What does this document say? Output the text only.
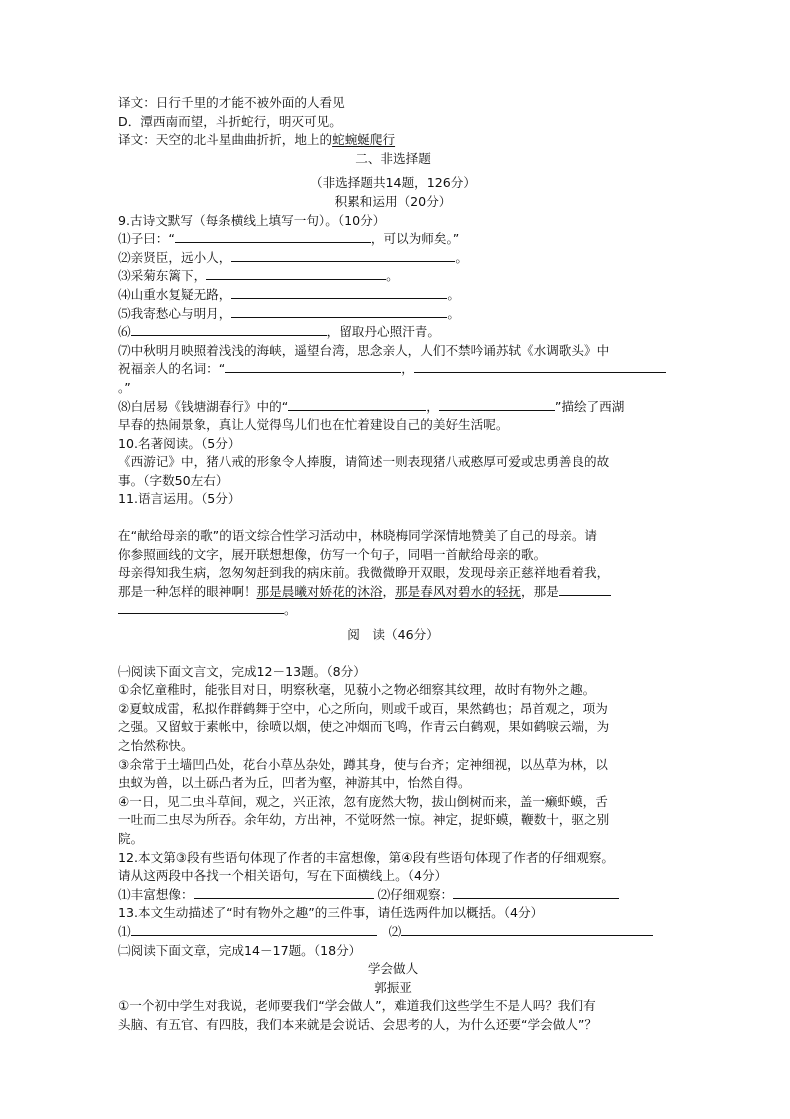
译文：日行千里的才能不被外面的人看见
D．潭西南而望，斗折蛇行，明灭可见。
译文：天空的北斗星曲曲折折，地上的蛇蜿蜒爬行
二、非选择题
（非选择题共14题，126分）
积累和运用（20分）
9.古诗文默写（每条横线上填写一句）。（10分）
⑴子曰：“	，可以为师矣。”
⑵亲贤臣，远小人，	。
⑶采菊东篱下，	。
⑷山重水复疑无路，	。
⑸我寄愁心与明月，	。
⑹	，留取丹心照汗青。
⑺中秋明月映照着浅浅的海峡，遥望台湾，思念亲人，人们不禁吟诵苏轼《水调歌头》中
祝福亲人的名词：“	，
。”
⑻白居易《钱塘湖春行》中的“	，	”描绘了西湖
早春的热闹景象，真让人觉得鸟儿们也在忙着建设自己的美好生活呢。
10.名著阅读。（5分）
《西游记》中，猪八戒的形象令人捧腹，请简述一则表现猪八戒憨厚可爱或忠勇善良的故
事。（字数50左右）
11.语言运用。（5分）
在“献给母亲的歌”的语文综合性学习活动中，林晓梅同学深情地赞美了自己的母亲。请
你参照画线的文字，展开联想想像，仿写一个句子，同唱一首献给母亲的歌。
母亲得知我生病，忽匆匆赶到我的病床前。我微微睁开双眼，发现母亲正慈祥地看着我，
那是一种怎样的眼神啊！那是晨曦对娇花的沐浴，那是春风对碧水的轻抚，那是
。
阅　读（46分）
㈠阅读下面文言文，完成12－13题。（8分）
①余忆童稚时，能张目对日，明察秋毫，见藐小之物必细察其纹理，故时有物外之趣。
②夏蚊成雷，私拟作群鹤舞于空中，心之所向，则或千或百，果然鹤也；昂首观之，项为
之强。又留蚊于素帐中，徐喷以烟，使之冲烟而飞鸣，作青云白鹤观，果如鹤唳云端，为
之怡然称快。
③余常于土墙凹凸处，花台小草丛杂处，蹲其身，使与台齐；定神细视，以丛草为林，以
虫蚁为兽，以土砾凸者为丘，凹者为壑，神游其中，怡然自得。
④一日，见二虫斗草间，观之，兴正浓，忽有庞然大物，拔山倒树而来，盖一癞虾蟆，舌
一吐而二虫尽为所吞。余年幼，方出神，不觉呀然一惊。神定，捉虾蟆，鞭数十，驱之别
院。
12.本文第③段有些语句体现了作者的丰富想像，第④段有些语句体现了作者的仔细观察。
请从这两段中各找一个相关语句，写在下面横线上。（4分）
⑴丰富想像：	⑵仔细观察：
13.本文生动描述了“时有物外之趣”的三件事，请任选两件加以概括。（4分）
⑴	⑵
㈡阅读下面文章，完成14－17题。（18分）
学会做人
郭振亚
①一个初中学生对我说，老师要我们“学会做人”，难道我们这些学生不是人吗？我们有
头脑、有五官、有四肢，我们本来就是会说话、会思考的人，为什么还要“学会做人”？
